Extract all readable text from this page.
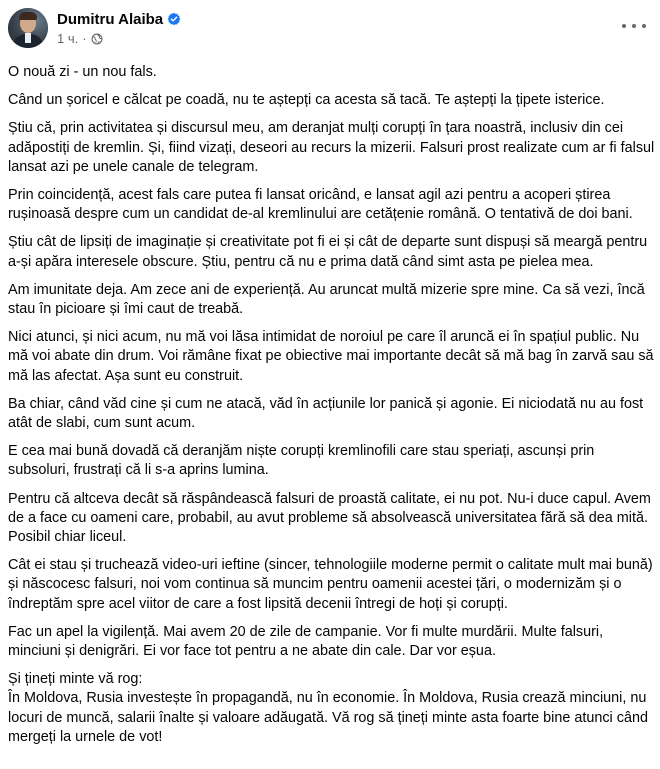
Dumitru Alaiba
1 ч. ·

O nouă zi - un nou fals.

Când un șoricel e călcat pe coadă, nu te aștepți ca acesta să tacă. Te aștepți la țipete isterice.

Știu că, prin activitatea și discursul meu, am deranjat mulți corupți în țara noastră, inclusiv din cei adăpostiți de kremlin. Și, fiind vizați, deseori au recurs la mizerii. Falsuri prost realizate cum ar fi falsul lansat azi pe unele canale de telegram.

Prin coincidență, acest fals care putea fi lansat oricând, e lansat agil azi pentru a acoperi știrea rușinoasă despre cum un candidat de-al kremlinului are cetățenie română. O tentativă de doi bani.

Știu cât de lipsiți de imaginație și creativitate pot fi ei și cât de departe sunt dispuși să meargă pentru a-și apăra interesele obscure. Știu, pentru că nu e prima dată când simt asta pe pielea mea.

Am imunitate deja. Am zece ani de experiență. Au aruncat multă mizerie spre mine. Ca să vezi, încă stau în picioare și îmi caut de treabă.

Nici atunci, și nici acum, nu mă voi lăsa intimidat de noroiul pe care îl aruncă ei în spațiul public. Nu mă voi abate din drum. Voi rămâne fixat pe obiective mai importante decât să mă bag în zarvă sau să mă las afectat. Așa sunt eu construit.

Ba chiar, când văd cine și cum ne atacă, văd în acțiunile lor panică și agonie. Ei niciodată nu au fost atât de slabi, cum sunt acum.

E cea mai bună dovadă că deranjăm niște corupți kremlinofili care stau speriați, ascunși prin subsoluri, frustrați că li s-a aprins lumina.

Pentru că altceva decât să răspândească falsuri de proastă calitate, ei nu pot. Nu-i duce capul. Avem de a face cu oameni care, probabil, au avut probleme să absolvească universitatea fără să dea mită. Posibil chiar liceul.

Cât ei stau și truchează video-uri ieftine (sincer, tehnologiile moderne permit o calitate mult mai bună) și născocesc falsuri, noi vom continua să muncim pentru oamenii acestei țări, o modernizăm și o îndreptăm spre acel viitor de care a fost lipsită decenii întregi de hoți și corupți.

Fac un apel la vigilență. Mai avem 20 de zile de campanie. Vor fi multe murdării. Multe falsuri, minciuni și denigrări. Ei vor face tot pentru a ne abate din cale. Dar vor eșua.

Și țineți minte vă rog:
În Moldova, Rusia investește în propagandă, nu în economie. În Moldova, Rusia crează minciuni, nu locuri de muncă, salarii înalte și valoare adăugată. Vă rog să țineți minte asta foarte bine atunci când mergeți la urnele de vot!
